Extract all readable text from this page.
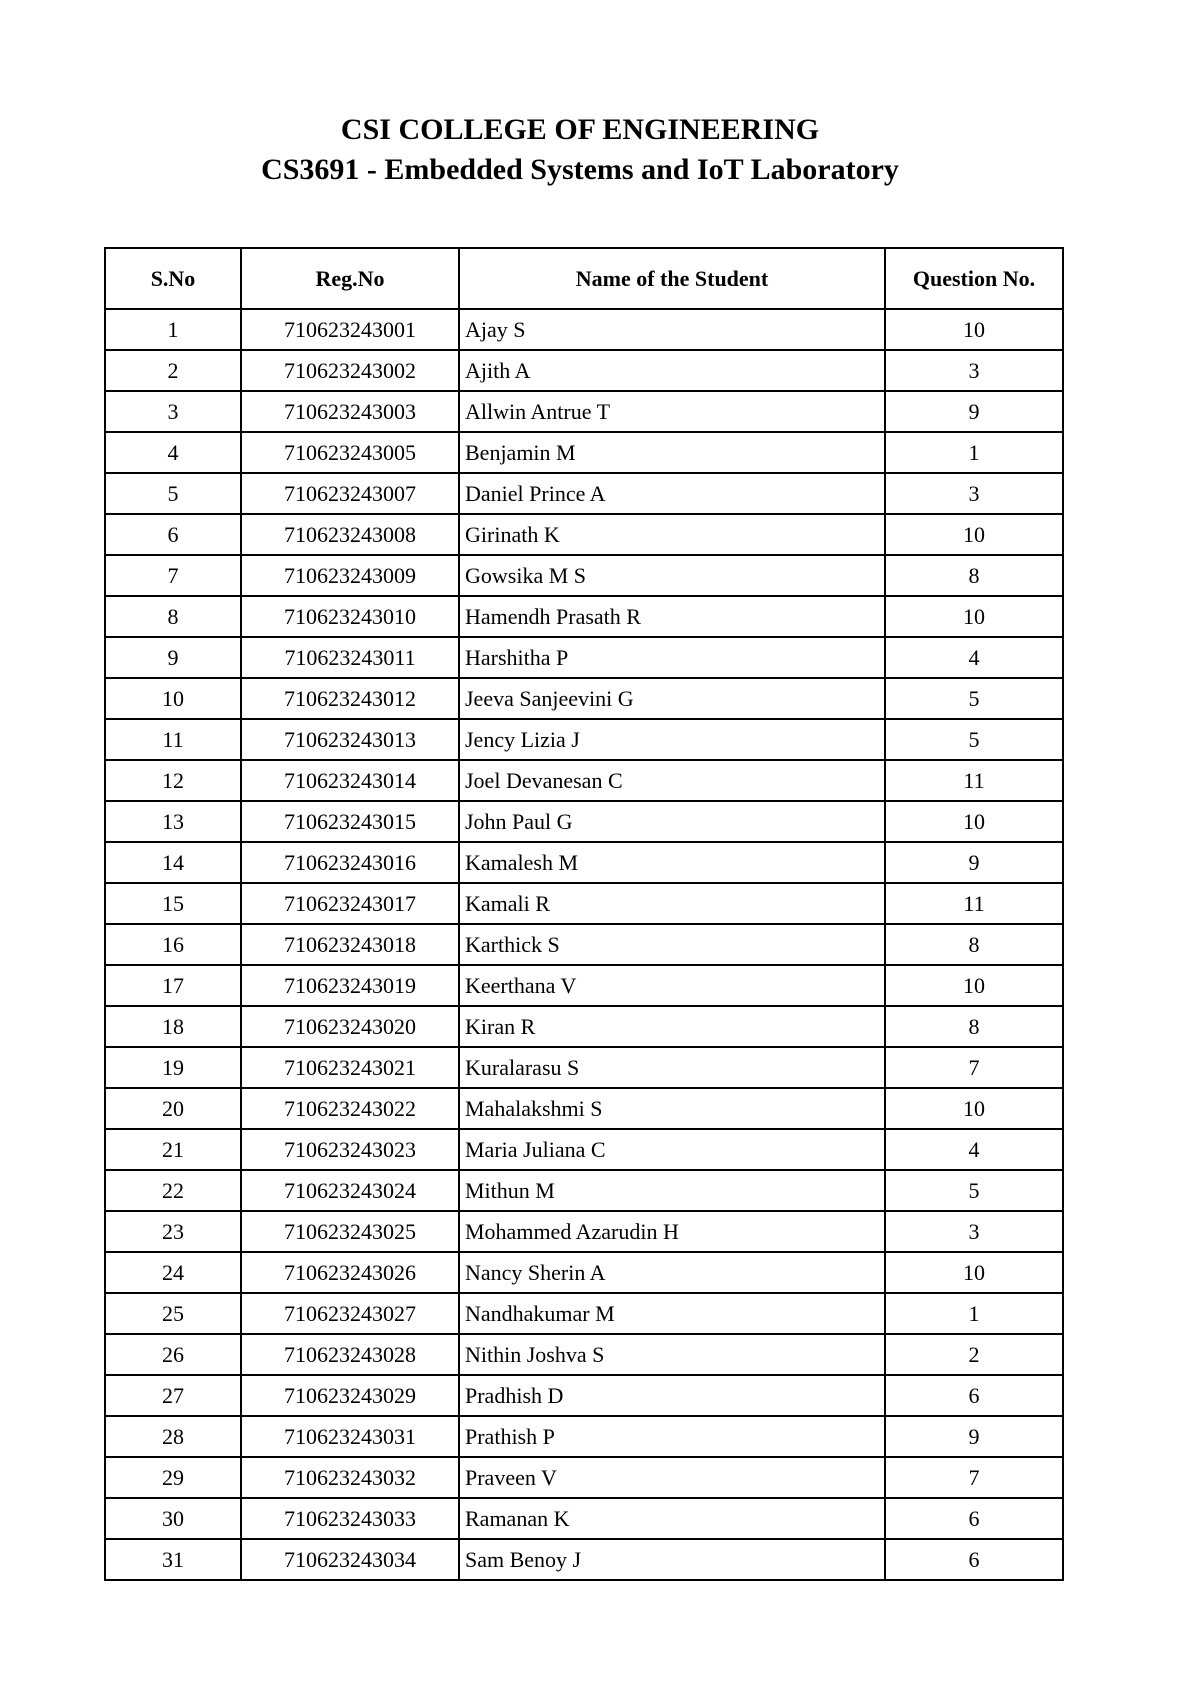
CSI COLLEGE OF ENGINEERING
CS3691 - Embedded Systems and IoT Laboratory
S.No	Reg.No	Name of the Student	Question No.
1	710623243001	Ajay S	10
2	710623243002	Ajith A	3
3	710623243003	Allwin Antrue T	9
4	710623243005	Benjamin M	1
5	710623243007	Daniel Prince A	3
6	710623243008	Girinath K	10
7	710623243009	Gowsika M S	8
8	710623243010	Hamendh Prasath R	10
9	710623243011	Harshitha P	4
10	710623243012	Jeeva Sanjeevini G	5
11	710623243013	Jency Lizia J	5
12	710623243014	Joel Devanesan C	11
13	710623243015	John Paul G	10
14	710623243016	Kamalesh M	9
15	710623243017	Kamali R	11
16	710623243018	Karthick S	8
17	710623243019	Keerthana V	10
18	710623243020	Kiran R	8
19	710623243021	Kuralarasu S	7
20	710623243022	Mahalakshmi S	10
21	710623243023	Maria Juliana C	4
22	710623243024	Mithun M	5
23	710623243025	Mohammed Azarudin H	3
24	710623243026	Nancy Sherin A	10
25	710623243027	Nandhakumar M	1
26	710623243028	Nithin Joshva S	2
27	710623243029	Pradhish D	6
28	710623243031	Prathish P	9
29	710623243032	Praveen V	7
30	710623243033	Ramanan K	6
31	710623243034	Sam Benoy J	6
